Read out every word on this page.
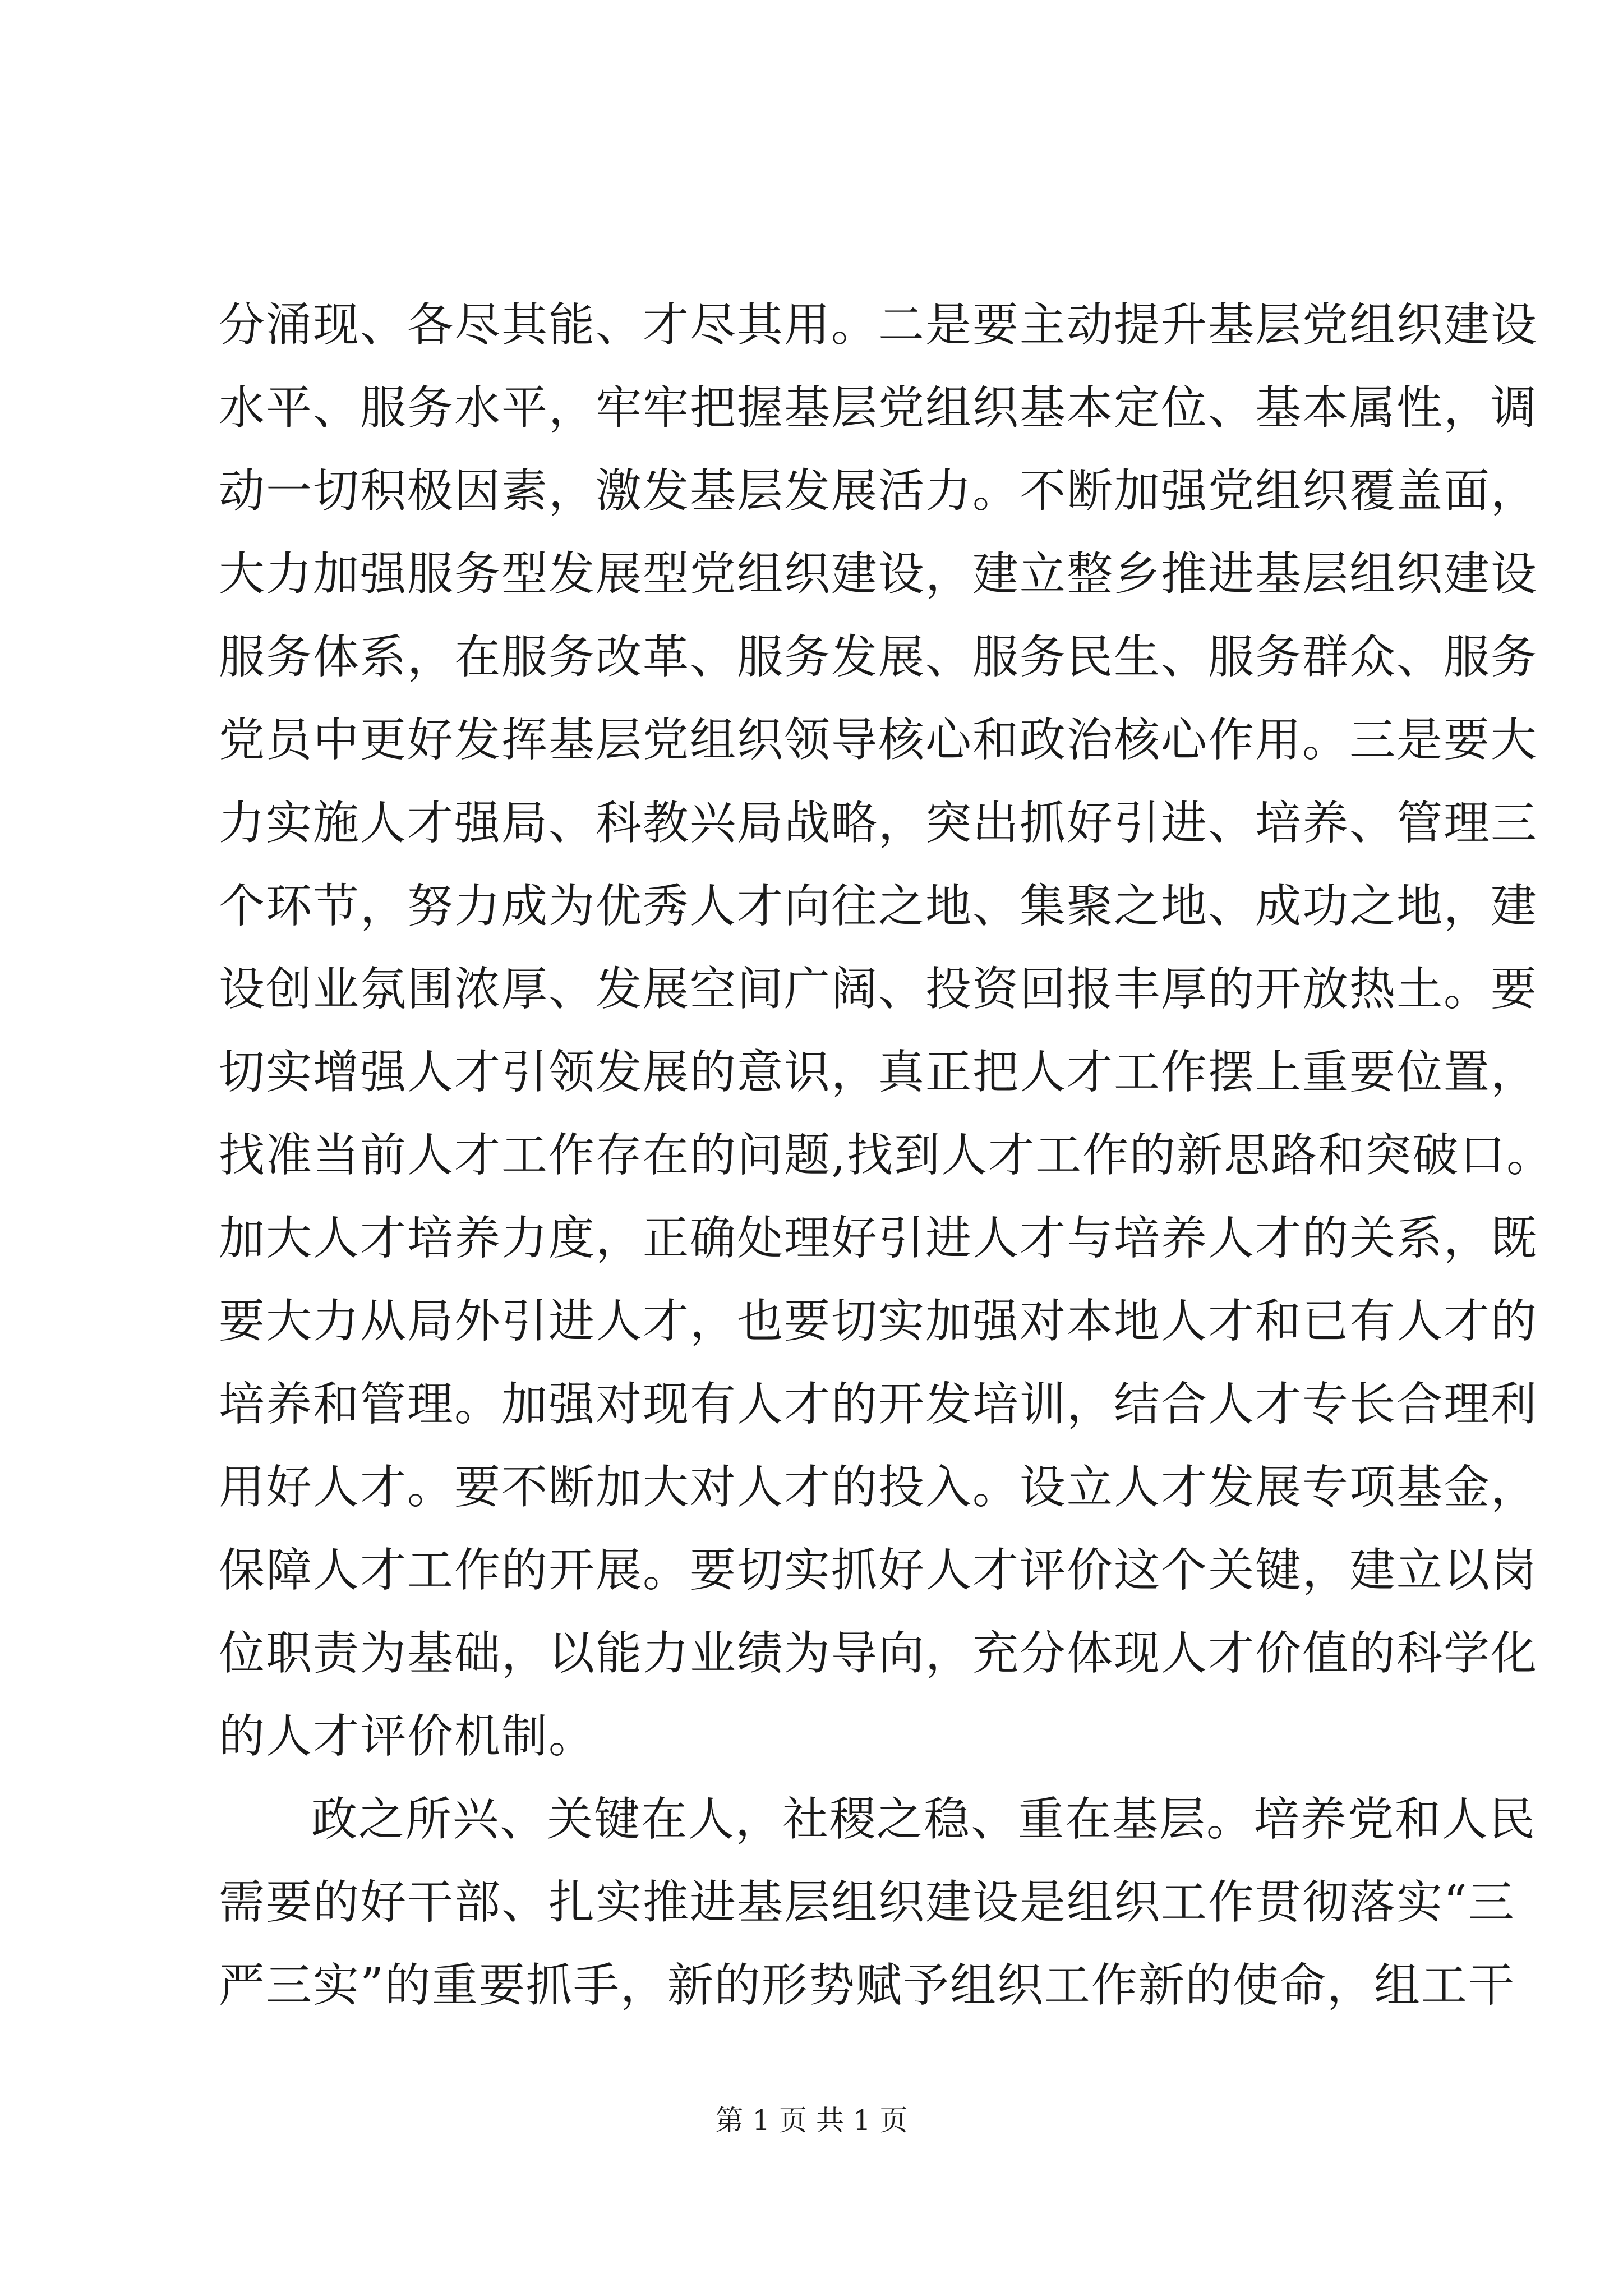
分涌现、各尽其能、才尽其用。二是要主动提升基层党组织建设
水平、服务水平，牢牢把握基层党组织基本定位、基本属性，调
动一切积极因素，激发基层发展活力。不断加强党组织覆盖面，
大力加强服务型发展型党组织建设，建立整乡推进基层组织建设
服务体系，在服务改革、服务发展、服务民生、服务群众、服务
党员中更好发挥基层党组织领导核心和政治核心作用。三是要大
力实施人才强局、科教兴局战略，突出抓好引进、培养、管理三
个环节，努力成为优秀人才向往之地、集聚之地、成功之地，建
设创业氛围浓厚、发展空间广阔、投资回报丰厚的开放热土。要
切实增强人才引领发展的意识，真正把人才工作摆上重要位置，
找准当前人才工作存在的问题,找到人才工作的新思路和突破口。
加大人才培养力度，正确处理好引进人才与培养人才的关系，既
要大力从局外引进人才，也要切实加强对本地人才和已有人才的
培养和管理。加强对现有人才的开发培训，结合人才专长合理利
用好人才。要不断加大对人才的投入。设立人才发展专项基金，
保障人才工作的开展。要切实抓好人才评价这个关键，建立以岗
位职责为基础，以能力业绩为导向，充分体现人才价值的科学化
的人才评价机制。
政之所兴、关键在人，社稷之稳、重在基层。培养党和人民
需要的好干部、扎实推进基层组织建设是组织工作贯彻落实“三
严三实”的重要抓手，新的形势赋予组织工作新的使命，组工干
第 1 页 共 1 页
